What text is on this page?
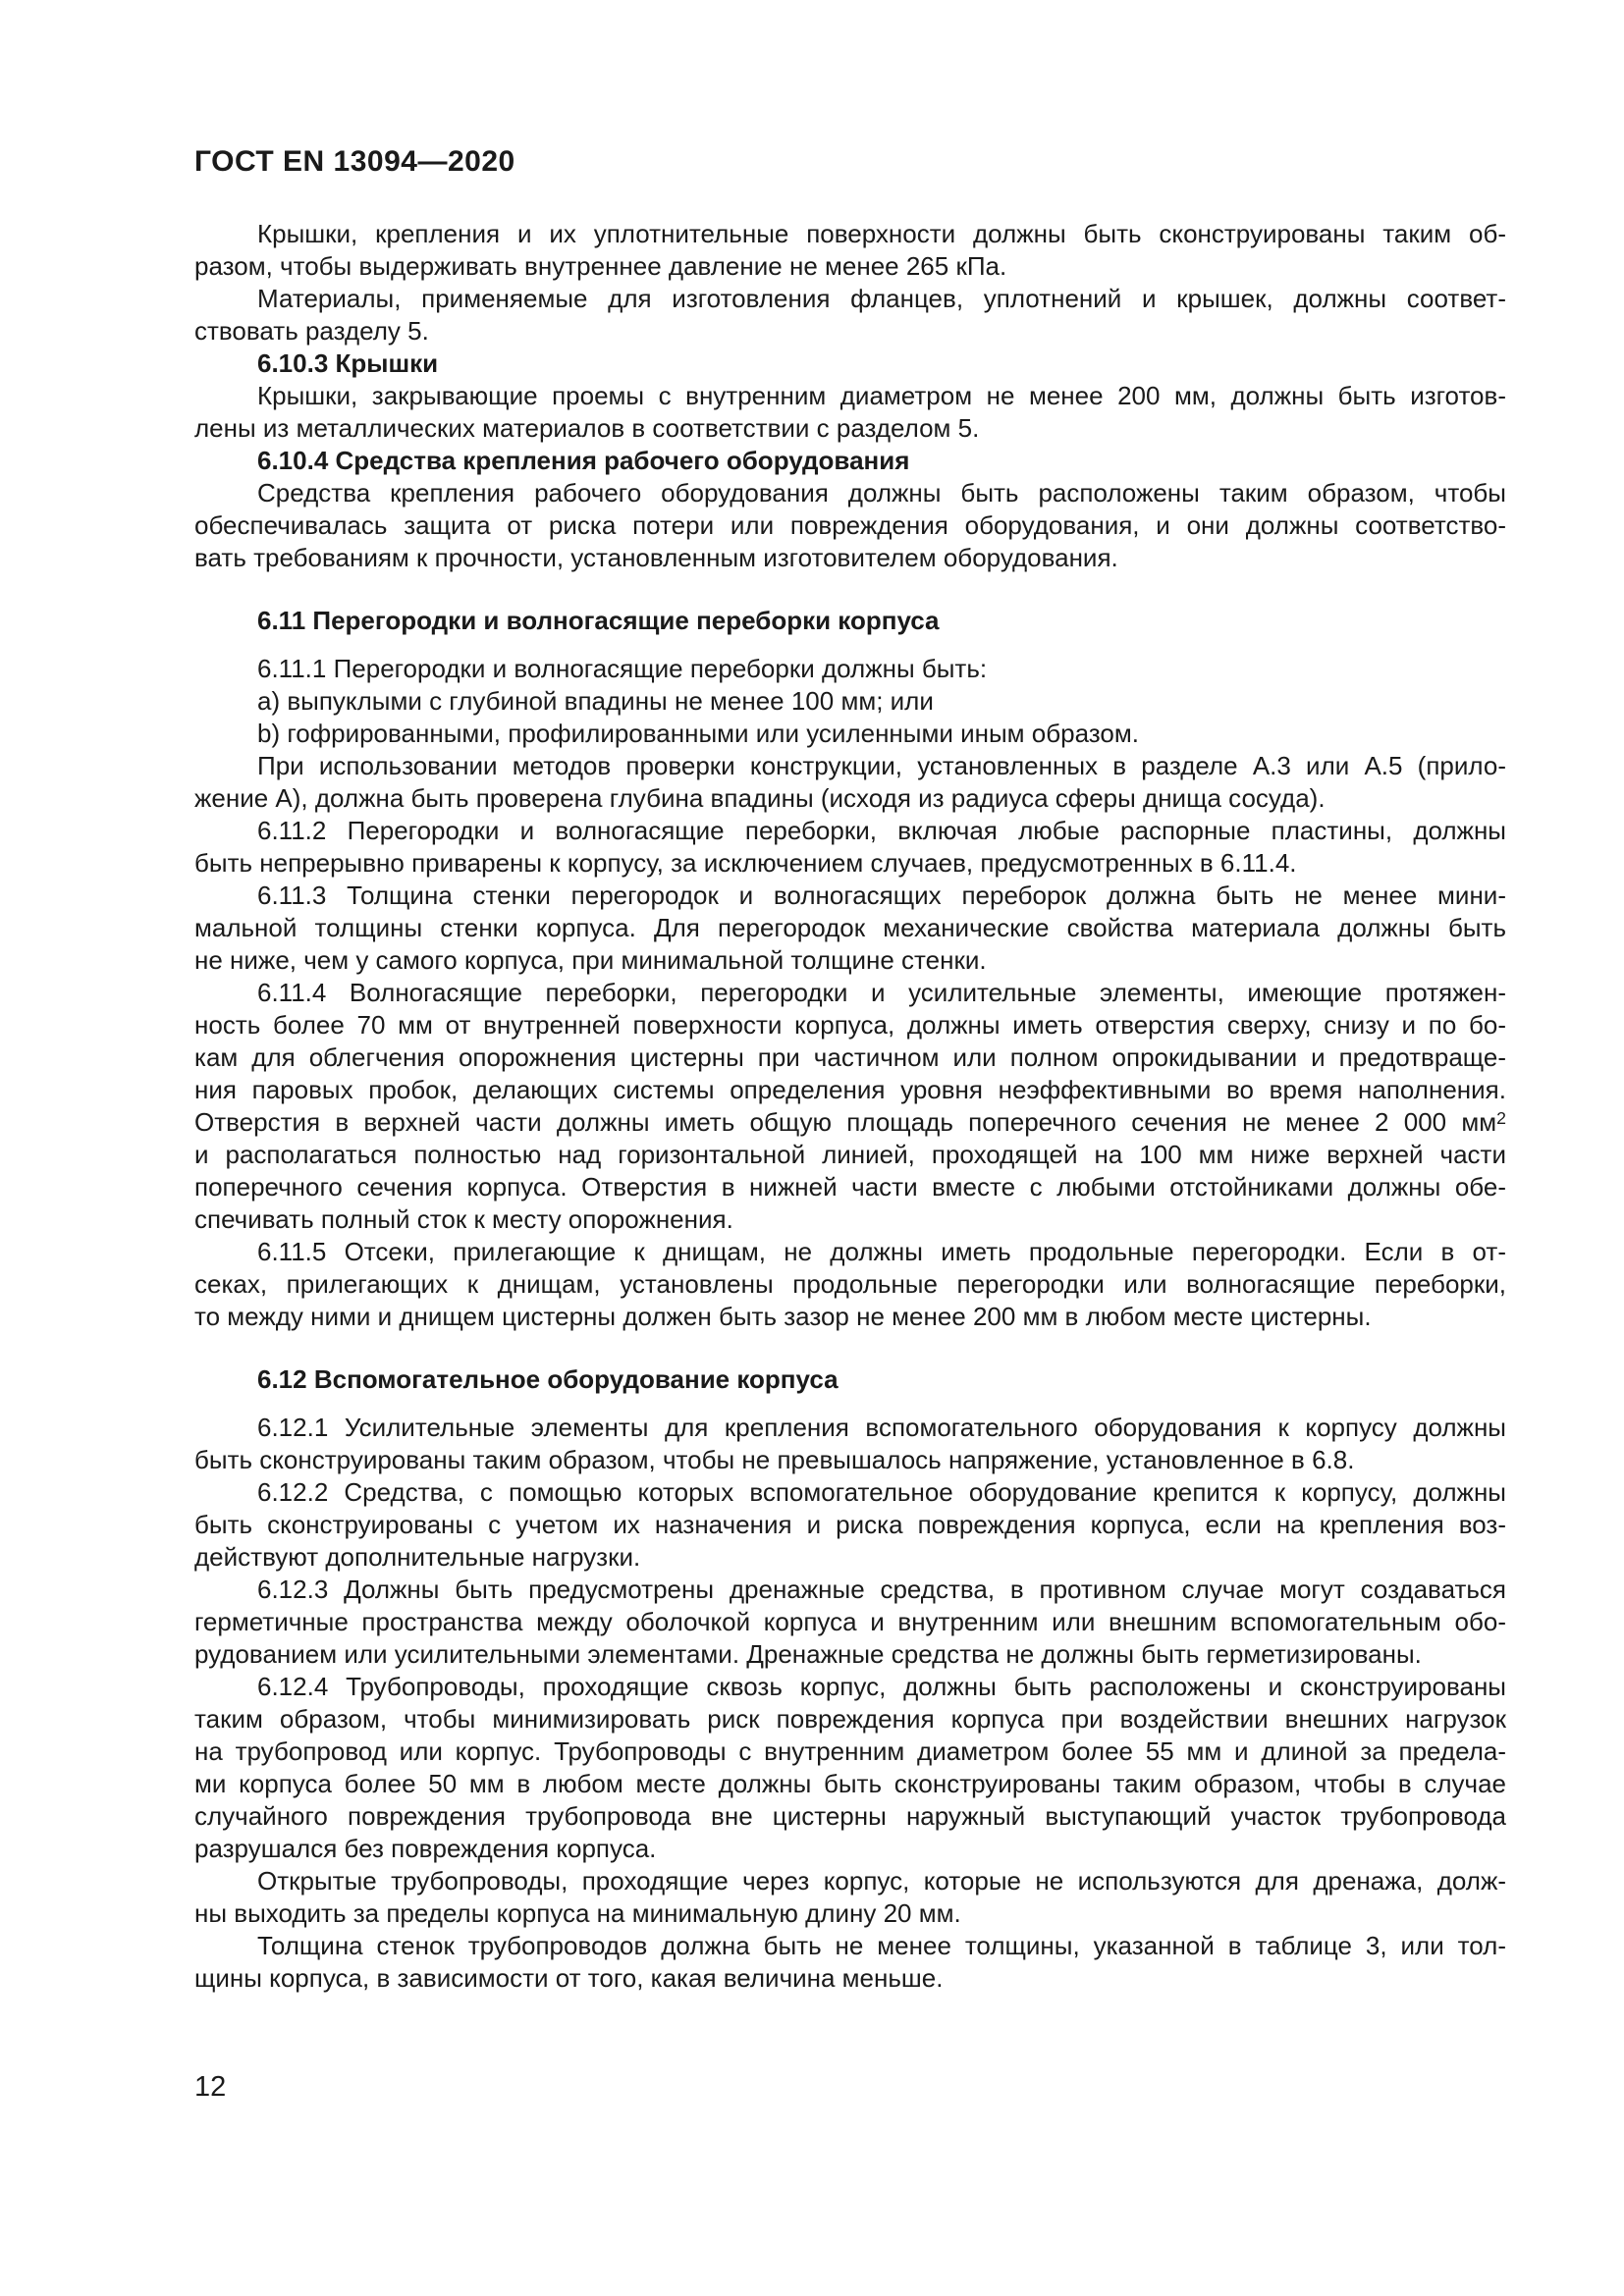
ГОСТ EN 13094—2020
Крышки, крепления и их уплотнительные поверхности должны быть сконструированы таким об-
разом, чтобы выдерживать внутреннее давление не менее 265 кПа.
Материалы, применяемые для изготовления фланцев, уплотнений и крышек, должны соответ-
ствовать разделу 5.
6.10.3 Крышки
Крышки, закрывающие проемы с внутренним диаметром не менее 200 мм, должны быть изготов-
лены из металлических материалов в соответствии с разделом 5.
6.10.4 Средства крепления рабочего оборудования
Средства крепления рабочего оборудования должны быть расположены таким образом, чтобы
обеспечивалась защита от риска потери или повреждения оборудования, и они должны соответство-
вать требованиям к прочности, установленным изготовителем оборудования.
6.11 Перегородки и волногасящие переборки корпуса
6.11.1 Перегородки и волногасящие переборки должны быть:
a) выпуклыми с глубиной впадины не менее 100 мм; или
b) гофрированными, профилированными или усиленными иным образом.
При использовании методов проверки конструкции, установленных в разделе А.3 или А.5 (прило-
жение А), должна быть проверена глубина впадины (исходя из радиуса сферы днища сосуда).
6.11.2 Перегородки и волногасящие переборки, включая любые распорные пластины, должны
быть непрерывно приварены к корпусу, за исключением случаев, предусмотренных в 6.11.4.
6.11.3 Толщина стенки перегородок и волногасящих переборок должна быть не менее мини-
мальной толщины стенки корпуса. Для перегородок механические свойства материала должны быть
не ниже, чем у самого корпуса, при минимальной толщине стенки.
6.11.4 Волногасящие переборки, перегородки и усилительные элементы, имеющие протяжен-
ность более 70 мм от внутренней поверхности корпуса, должны иметь отверстия сверху, снизу и по бо-
кам для облегчения опорожнения цистерны при частичном или полном опрокидывании и предотвраще-
ния паровых пробок, делающих системы определения уровня неэффективными во время наполнения.
Отверстия в верхней части должны иметь общую площадь поперечного сечения не менее 2 000 $мм^2$
и располагаться полностью над горизонтальной линией, проходящей на 100 мм ниже верхней части
поперечного сечения корпуса. Отверстия в нижней части вместе с любыми отстойниками должны обе-
спечивать полный сток к месту опорожнения.
6.11.5 Отсеки, прилегающие к днищам, не должны иметь продольные перегородки. Если в от-
секах, прилегающих к днищам, установлены продольные перегородки или волногасящие переборки,
то между ними и днищем цистерны должен быть зазор не менее 200 мм в любом месте цистерны.
6.12 Вспомогательное оборудование корпуса
6.12.1 Усилительные элементы для крепления вспомогательного оборудования к корпусу должны
быть сконструированы таким образом, чтобы не превышалось напряжение, установленное в 6.8.
6.12.2 Средства, с помощью которых вспомогательное оборудование крепится к корпусу, должны
быть сконструированы с учетом их назначения и риска повреждения корпуса, если на крепления воз-
действуют дополнительные нагрузки.
6.12.3 Должны быть предусмотрены дренажные средства, в противном случае могут создаваться
герметичные пространства между оболочкой корпуса и внутренним или внешним вспомогательным обо-
рудованием или усилительными элементами. Дренажные средства не должны быть герметизированы.
6.12.4 Трубопроводы, проходящие сквозь корпус, должны быть расположены и сконструированы
таким образом, чтобы минимизировать риск повреждения корпуса при воздействии внешних нагрузок
на трубопровод или корпус. Трубопроводы с внутренним диаметром более 55 мм и длиной за предела-
ми корпуса более 50 мм в любом месте должны быть сконструированы таким образом, чтобы в случае
случайного повреждения трубопровода вне цистерны наружный выступающий участок трубопровода
разрушался без повреждения корпуса.
Открытые трубопроводы, проходящие через корпус, которые не используются для дренажа, долж-
ны выходить за пределы корпуса на минимальную длину 20 мм.
Толщина стенок трубопроводов должна быть не менее толщины, указанной в таблице 3, или тол-
щины корпуса, в зависимости от того, какая величина меньше.
12
